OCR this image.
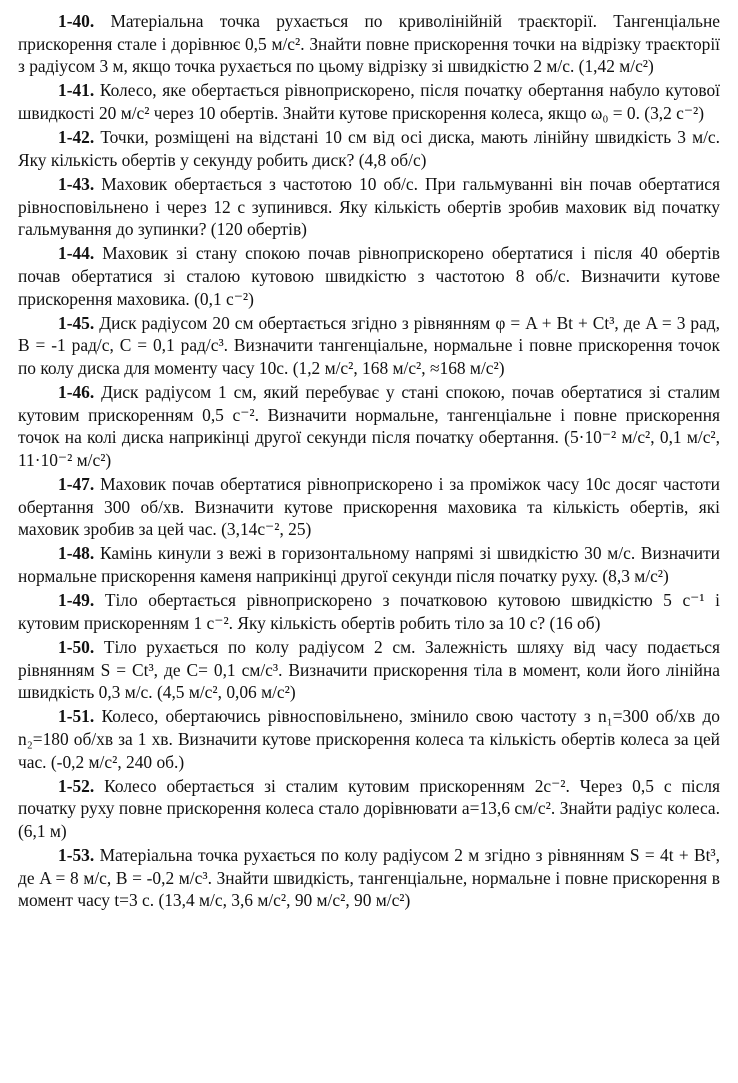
1-40. Матеріальна точка рухається по криволінійній траєкторії. Тангенціальне прискорення стале і дорівнює 0,5 м/с². Знайти повне прискорення точки на відрізку траєкторії з радіусом 3 м, якщо точка рухається по цьому відрізку зі швидкістю 2 м/с. (1,42 м/с²)

1-41. Колесо, яке обертається рівноприскорено, після початку обертання набуло кутової швидкості 20 м/с² через 10 обертів. Знайти кутове прискорення колеса, якщо ω₀ = 0. (3,2 с⁻²)

1-42. Точки, розміщені на відстані 10 см від осі диска, мають лінійну швидкість 3 м/с. Яку кількість обертів у секунду робить диск? (4,8 об/с)

1-43. Маховик обертається з частотою 10 об/с. При гальмуванні він почав обертатися рівносповільнено і через 12 с зупинився. Яку кількість обертів зробив маховик від початку гальмування до зупинки? (120 обертів)

1-44. Маховик зі стану спокою почав рівноприскорено обертатися і після 40 обертів почав обертатися зі сталою кутовою швидкістю з частотою 8 об/с. Визначити кутове прискорення маховика. (0,1 с⁻²)

1-45. Диск радіусом 20 см обертається згідно з рівнянням φ = A + Bt + Ct³, де A = 3 рад, B = -1 рад/с, C = 0,1 рад/с³. Визначити тангенціальне, нормальне і повне прискорення точок по колу диска для моменту часу 10с. (1,2 м/с², 168 м/с², ≈168 м/с²)

1-46. Диск радіусом 1 см, який перебуває у стані спокою, почав обертатися зі сталим кутовим прискоренням 0,5 с⁻². Визначити нормальне, тангенціальне і повне прискорення точок на колі диска наприкінці другої секунди після початку обертання. (5·10⁻² м/с², 0,1 м/с², 11·10⁻² м/с²)

1-47. Маховик почав обертатися рівноприскорено і за проміжок часу 10с досяг частоти обертання 300 об/хв. Визначити кутове прискорення маховика та кількість обертів, які маховик зробив за цей час. (3,14с⁻², 25)

1-48. Камінь кинули з вежі в горизонтальному напрямі зі швидкістю 30 м/с. Визначити нормальне прискорення каменя наприкінці другої секунди після початку руху. (8,3 м/с²)

1-49. Тіло обертається рівноприскорено з початковою кутовою швидкістю 5 с⁻¹ і кутовим прискоренням 1 с⁻². Яку кількість обертів робить тіло за 10 с? (16 об)

1-50. Тіло рухається по колу радіусом 2 см. Залежність шляху від часу подається рівнянням S = Ct³, де C= 0,1 см/с³. Визначити прискорення тіла в момент, коли його лінійна швидкість 0,3 м/с. (4,5 м/с², 0,06 м/с²)

1-51. Колесо, обертаючись рівносповільнено, змінило свою частоту з n₁=300 об/хв до n₂=180 об/хв за 1 хв. Визначити кутове прискорення колеса та кількість обертів колеса за цей час. (-0,2 м/с², 240 об.)

1-52. Колесо обертається зі сталим кутовим прискоренням 2с⁻². Через 0,5 с після початку руху повне прискорення колеса стало дорівнювати a=13,6 см/с². Знайти радіус колеса. (6,1 м)

1-53. Матеріальна точка рухається по колу радіусом 2 м згідно з рівнянням S = 4t + Bt³, де A = 8 м/с, B = -0,2 м/с³. Знайти швидкість, тангенціальне, нормальне і повне прискорення в момент часу t=3 с. (13,4 м/с, 3,6 м/с², 90 м/с², 90 м/с²)
